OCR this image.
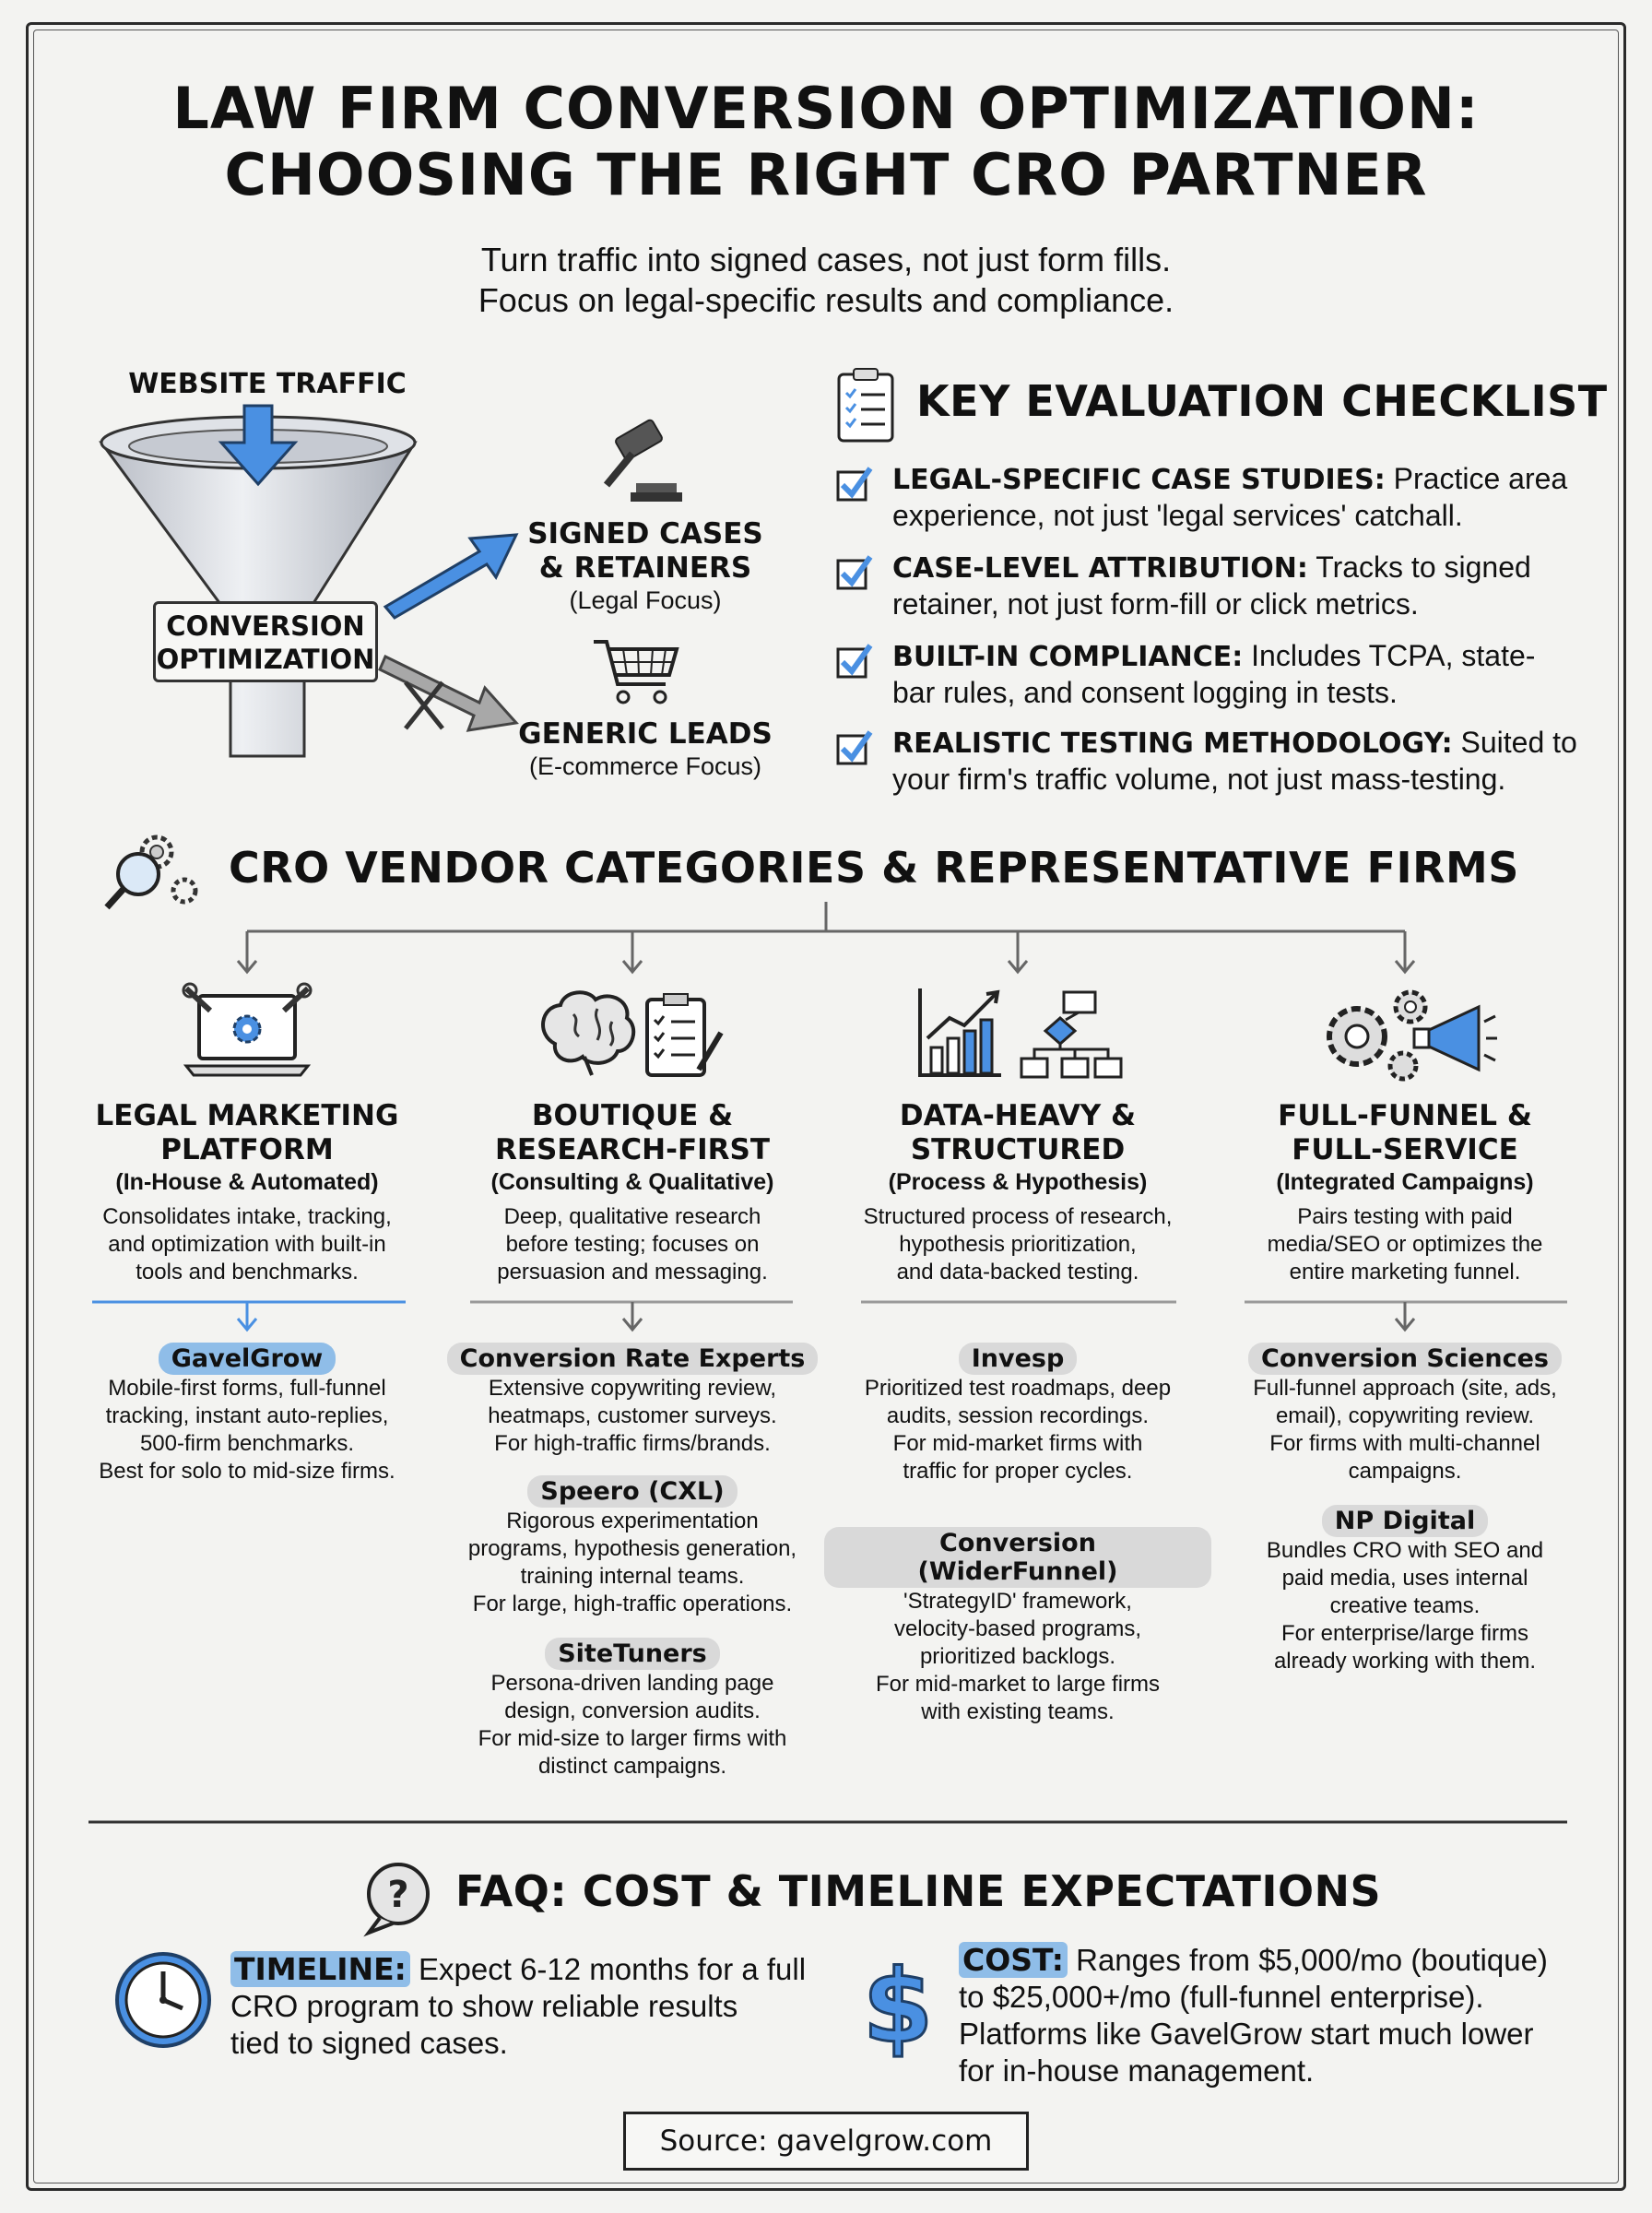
LAW FIRM CONVERSION OPTIMIZATION:
CHOOSING THE RIGHT CRO PARTNER
Turn traffic into signed cases, not just form fills.
Focus on legal-specific results and compliance.
WEBSITE TRAFFIC
CONVERSION
OPTIMIZATION
SIGNED CASES
& RETAINERS
(Legal Focus)
GENERIC LEADS
(E-commerce Focus)
KEY EVALUATION CHECKLIST
LEGAL-SPECIFIC CASE STUDIES: Practice area
experience, not just 'legal services' catchall.
CASE-LEVEL ATTRIBUTION: Tracks to signed
retainer, not just form-fill or click metrics.
BUILT-IN COMPLIANCE: Includes TCPA, state-
bar rules, and consent logging in tests.
REALISTIC TESTING METHODOLOGY: Suited to
your firm's traffic volume, not just mass-testing.
CRO VENDOR CATEGORIES & REPRESENTATIVE FIRMS
LEGAL MARKETING
PLATFORM
(In-House & Automated)
Consolidates intake, tracking,
and optimization with built-in
tools and benchmarks.
GavelGrow
Mobile-first forms, full-funnel
tracking, instant auto-replies,
500-firm benchmarks.
Best for solo to mid-size firms.
BOUTIQUE &
RESEARCH-FIRST
(Consulting & Qualitative)
Deep, qualitative research
before testing; focuses on
persuasion and messaging.
Conversion Rate Experts
Extensive copywriting review,
heatmaps, customer surveys.
For high-traffic firms/brands.
Speero (CXL)
Rigorous experimentation
programs, hypothesis generation,
training internal teams.
For large, high-traffic operations.
SiteTuners
Persona-driven landing page
design, conversion audits.
For mid-size to larger firms with
distinct campaigns.
DATA-HEAVY &
STRUCTURED
(Process & Hypothesis)
Structured process of research,
hypothesis prioritization,
and data-backed testing.
Invesp
Prioritized test roadmaps, deep
audits, session recordings.
For mid-market firms with
traffic for proper cycles.
Conversion (WiderFunnel)
'StrategyID' framework,
velocity-based programs,
prioritized backlogs.
For mid-market to large firms
with existing teams.
FULL-FUNNEL &
FULL-SERVICE
(Integrated Campaigns)
Pairs testing with paid
media/SEO or optimizes the
entire marketing funnel.
Conversion Sciences
Full-funnel approach (site, ads,
email), copywriting review.
For firms with multi-channel
campaigns.
NP Digital
Bundles CRO with SEO and
paid media, uses internal
creative teams.
For enterprise/large firms
already working with them.
? FAQ: COST & TIMELINE EXPECTATIONS
TIMELINE: Expect 6-12 months for a full
CRO program to show reliable results
tied to signed cases.	$ COST: Ranges from $5,000/mo (boutique)
to $25,000+/mo (full-funnel enterprise).
Platforms like GavelGrow start much lower
for in-house management.
Source: gavelgrow.com
